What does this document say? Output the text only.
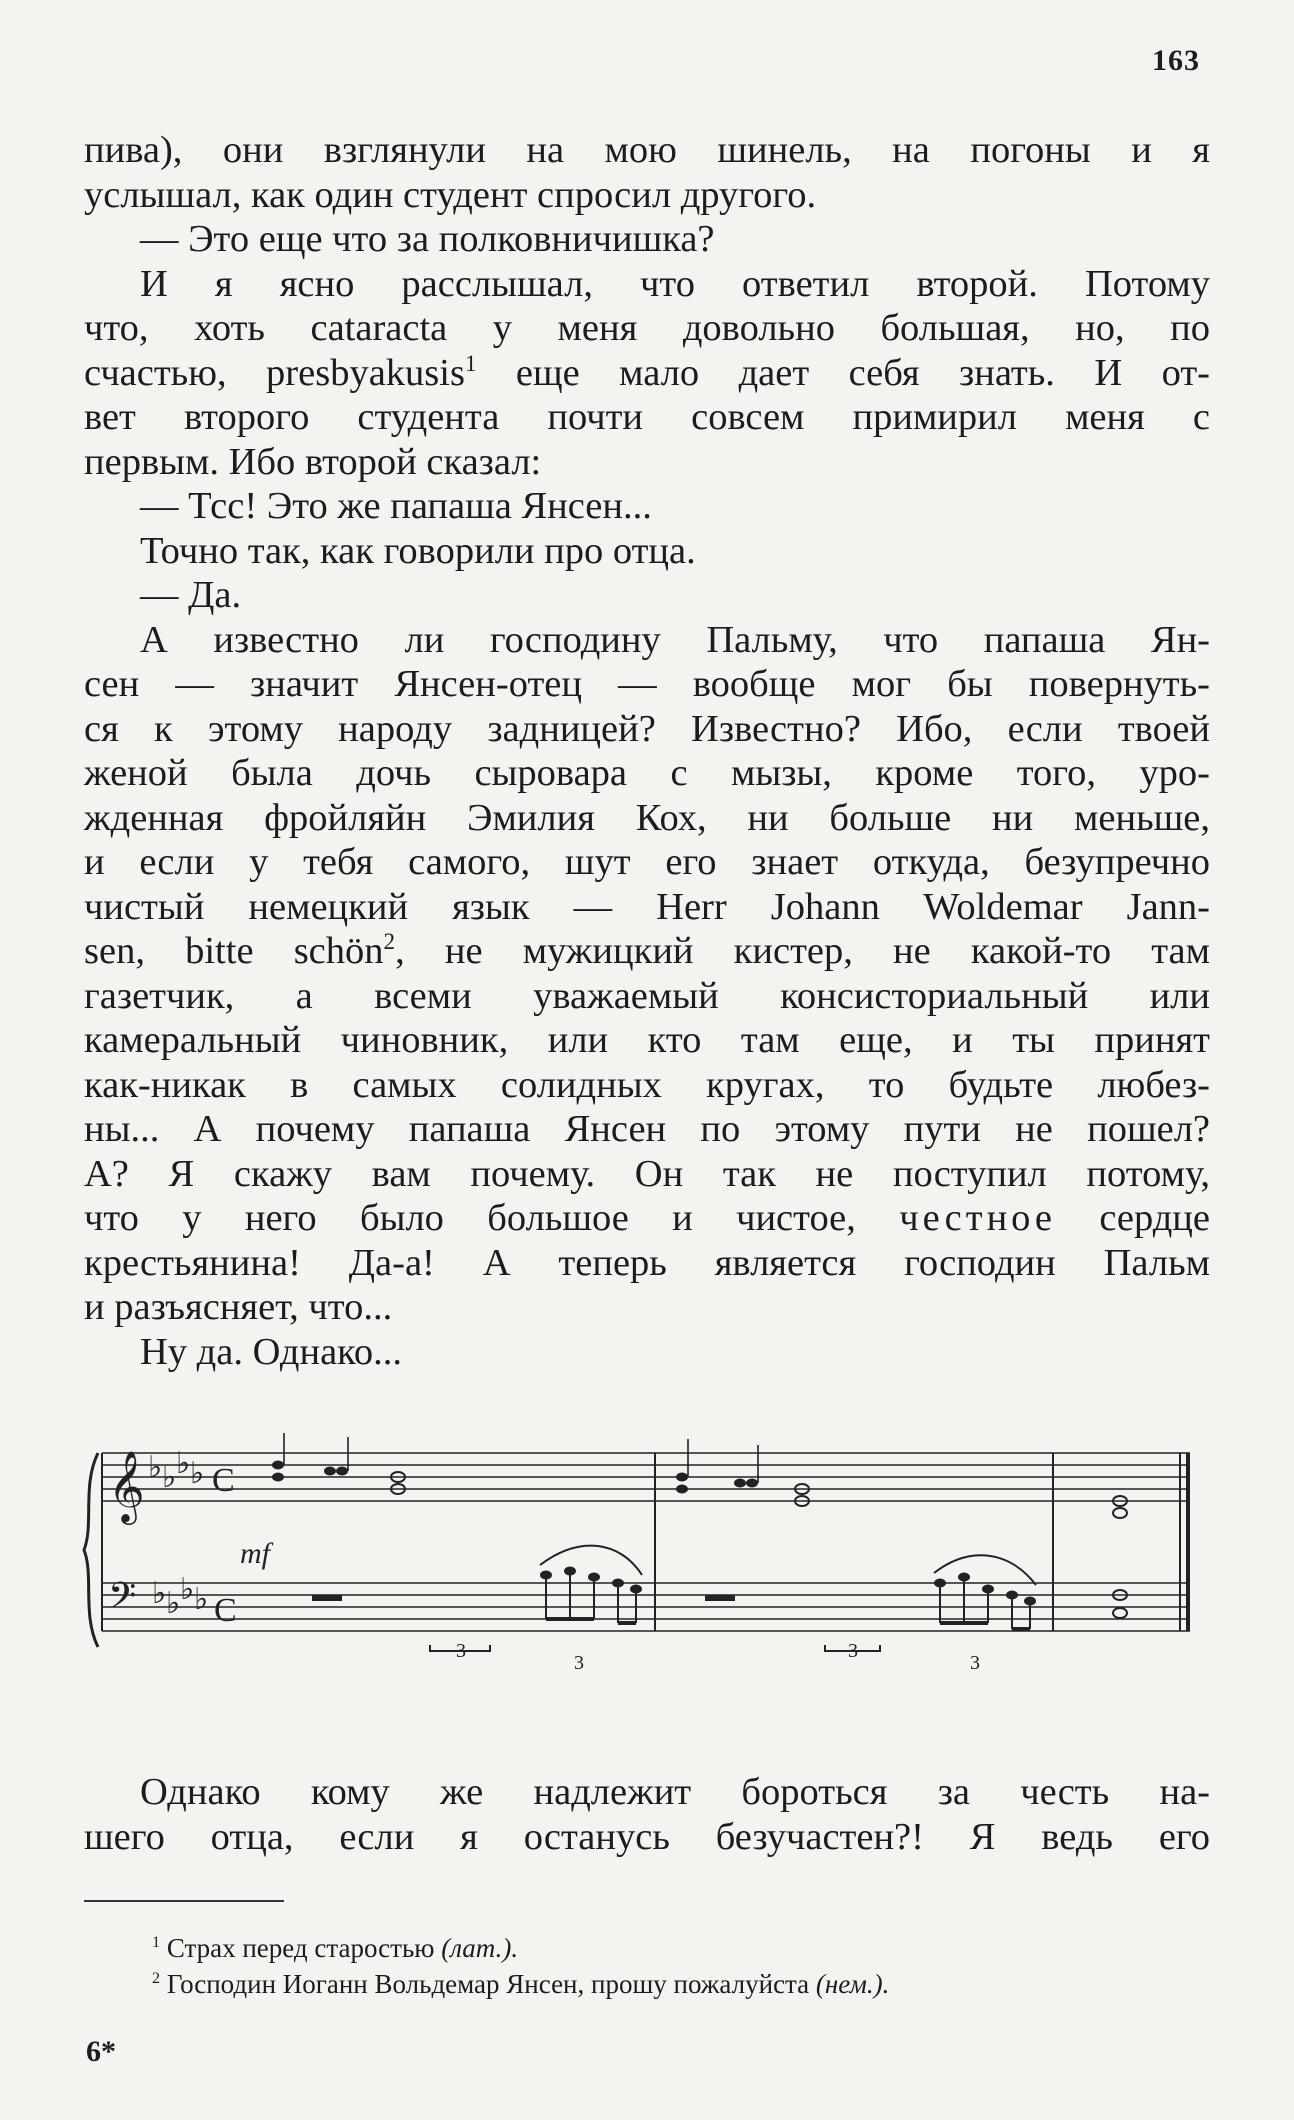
163
пива), они взглянули на мою шинель, на погоны и я
услышал, как один студент спросил другого.
— Это еще что за полковничишка?
И я ясно расслышал, что ответил второй. Потому
что, хоть cataracta у меня довольно большая, но, по
счастью, presbyakusis$^1$ еще мало дает себя знать. И от-
вет второго студента почти совсем примирил меня с
первым. Ибо второй сказал:
— Тсс! Это же папаша Янсен...
Точно так, как говорили про отца.
— Да.
А известно ли господину Пальму, что папаша Ян-
сен — значит Янсен-отец — вообще мог бы повернуть-
ся к этому народу задницей? Известно? Ибо, если твоей
женой была дочь сыровара с мызы, кроме того, уро-
жденная фройляйн Эмилия Кох, ни больше ни меньше,
и если у тебя самого, шут его знает откуда, безупречно
чистый немецкий язык — Herr Johann Woldemar Jann-
sen, bitte schön$^2$, не мужицкий кистер, не какой-то там
газетчик, а всеми уважаемый консисториальный или
камеральный чиновник, или кто там еще, и ты принят
как-никак в самых солидных кругах, то будьте любез-
ны... А почему папаша Янсен по этому пути не пошел?
А? Я скажу вам почему. Он так не поступил потому,
что у него было большое и чистое, честное сердце
крестьянина! Да-а! А теперь является господин Пальм
и разъясняет, что...
Ну да. Однако...
𝄞
𝄢
♭ ♭ ♭ ♭
♭ ♭ ♭ ♭
C
C
mf
3
3
3
3
Однако кому же надлежит бороться за честь на-
шего отца, если я останусь безучастен?! Я ведь его
$^1$ Страх перед старостью (лат.).
$^2$ Господин Иоганн Вольдемар Янсен, прошу пожалуйста (нем.).
6*
